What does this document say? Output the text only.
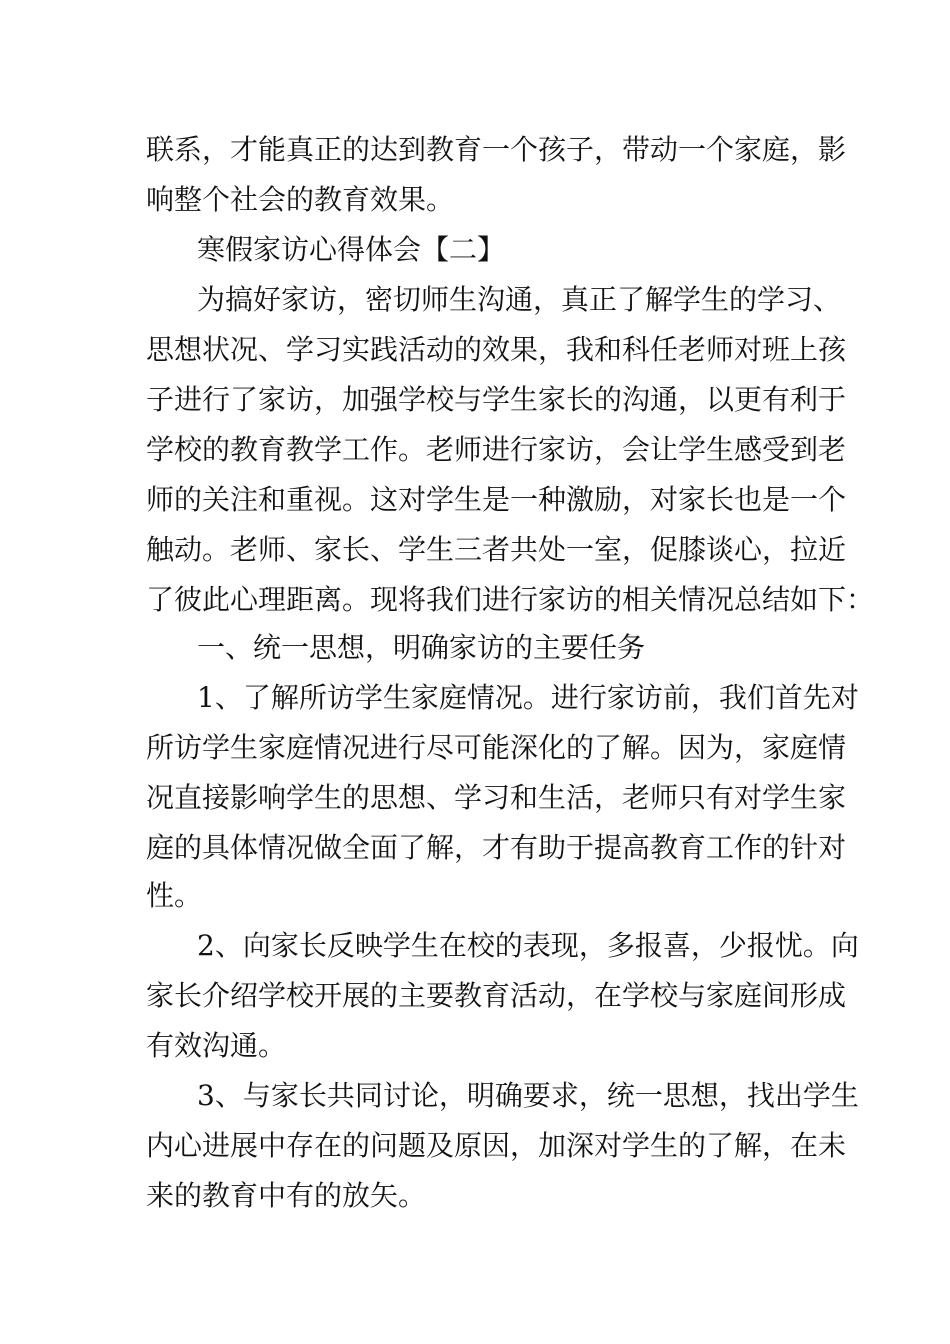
联系，才能真正的达到教育一个孩子，带动一个家庭，影
响整个社会的教育效果。
寒假家访心得体会【二】
为搞好家访，密切师生沟通，真正了解学生的学习、
思想状况、学习实践活动的效果，我和科任老师对班上孩
子进行了家访，加强学校与学生家长的沟通，以更有利于
学校的教育教学工作。老师进行家访，会让学生感受到老
师的关注和重视。这对学生是一种激励，对家长也是一个
触动。老师、家长、学生三者共处一室，促膝谈心，拉近
了彼此心理距离。现将我们进行家访的相关情况总结如下：
一、统一思想，明确家访的主要任务
1、了解所访学生家庭情况。进行家访前，我们首先对
所访学生家庭情况进行尽可能深化的了解。因为，家庭情
况直接影响学生的思想、学习和生活，老师只有对学生家
庭的具体情况做全面了解，才有助于提高教育工作的针对
性。
2、向家长反映学生在校的表现，多报喜，少报忧。向
家长介绍学校开展的主要教育活动，在学校与家庭间形成
有效沟通。
3、与家长共同讨论，明确要求，统一思想，找出学生
内心进展中存在的问题及原因，加深对学生的了解，在未
来的教育中有的放矢。
